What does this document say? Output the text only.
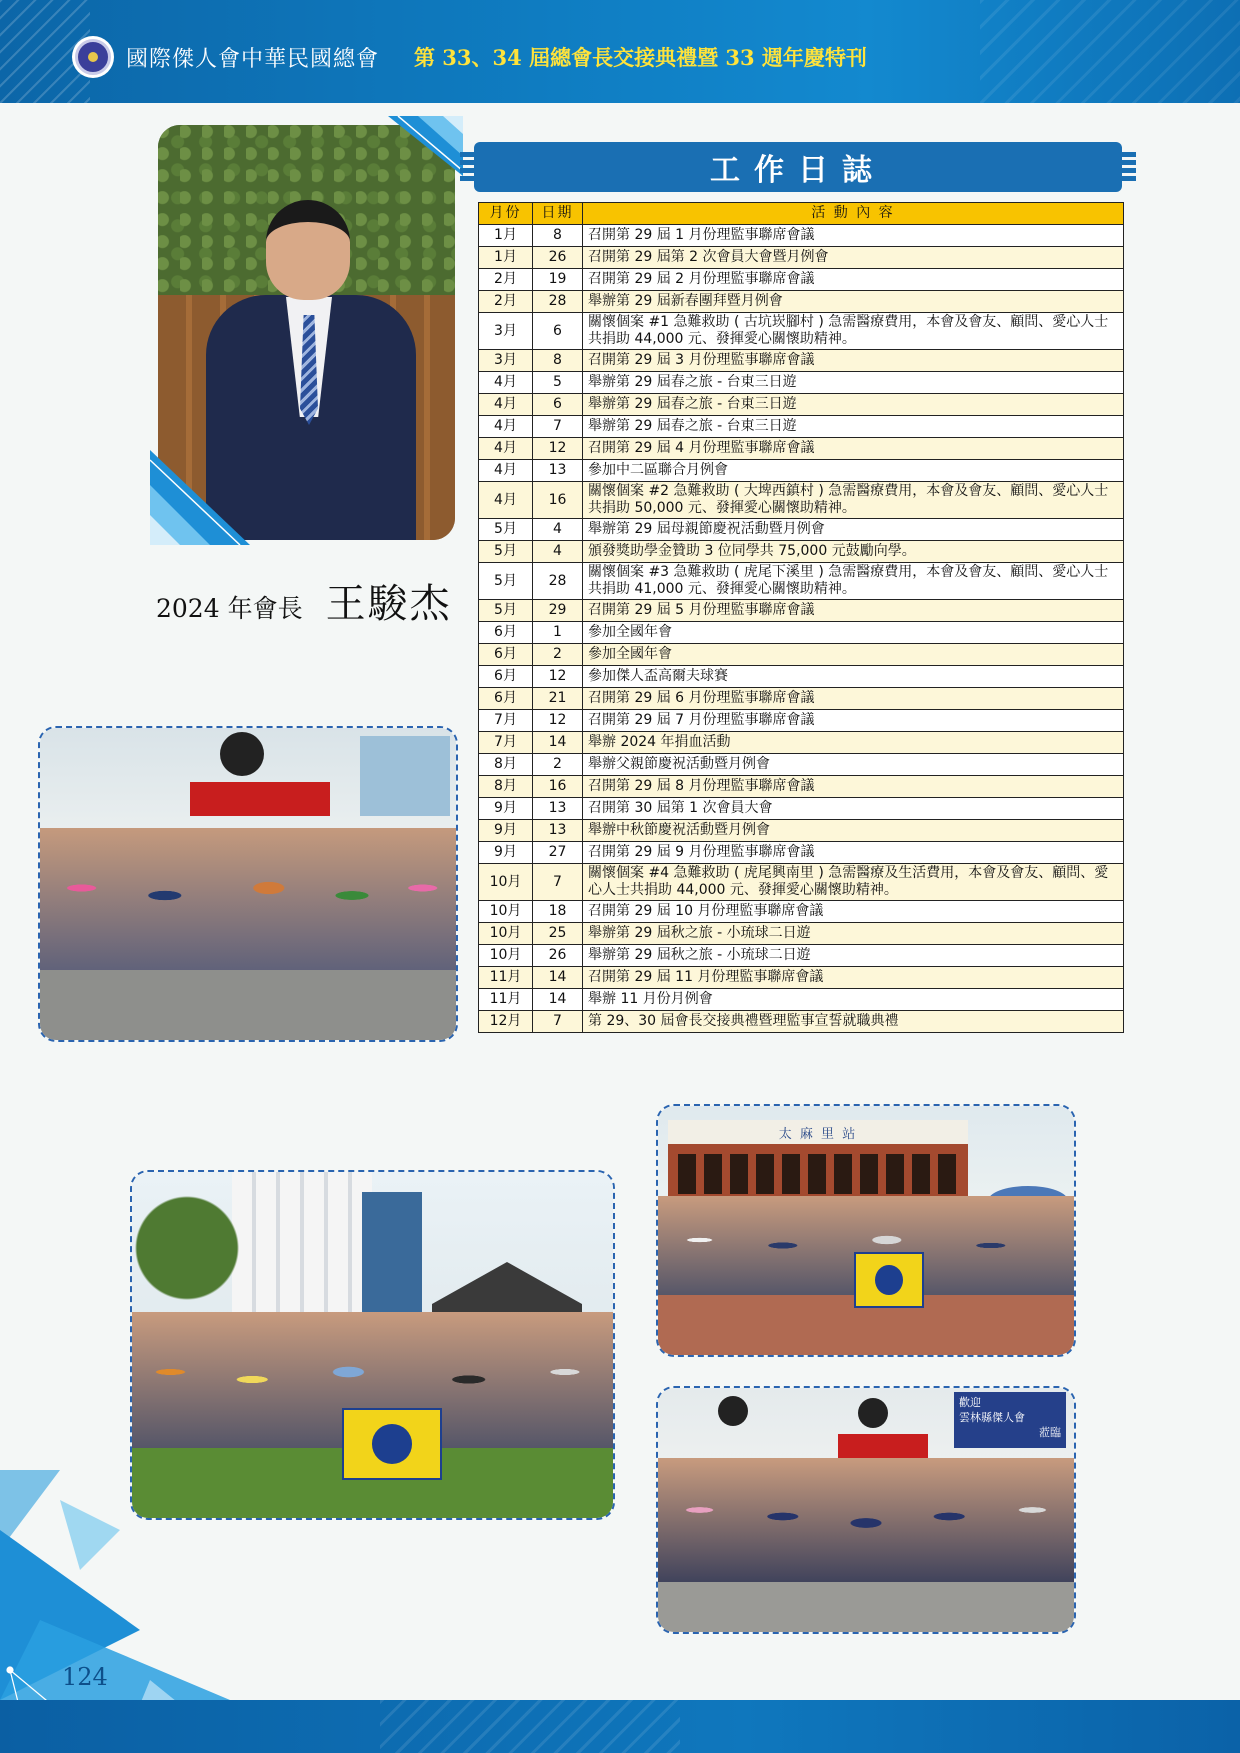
國際傑人會中華民國總會 第 33、34 屆總會長交接典禮暨 33 週年慶特刊
2024 年會長 王駿杰
工作日誌
月份	日期	活 動 內 容
1月	8	召開第 29 屆 1 月份理監事聯席會議
1月	26	召開第 29 屆第 2 次會員大會暨月例會
2月	19	召開第 29 屆 2 月份理監事聯席會議
2月	28	舉辦第 29 屆新春團拜暨月例會
3月	6	關懷個案 #1 急難救助 ( 古坑崁腳村 ) 急需醫療費用，本會及會友、顧問、愛心人士共捐助 44,000 元、發揮愛心關懷助精神。
3月	8	召開第 29 屆 3 月份理監事聯席會議
4月	5	舉辦第 29 屆春之旅 - 台東三日遊
4月	6	舉辦第 29 屆春之旅 - 台東三日遊
4月	7	舉辦第 29 屆春之旅 - 台東三日遊
4月	12	召開第 29 屆 4 月份理監事聯席會議
4月	13	參加中二區聯合月例會
4月	16	關懷個案 #2 急難救助 ( 大埤西鎮村 ) 急需醫療費用，本會及會友、顧問、愛心人士共捐助 50,000 元、發揮愛心關懷助精神。
5月	4	舉辦第 29 屆母親節慶祝活動暨月例會
5月	4	頒發獎助學金贊助 3 位同學共 75,000 元鼓勵向學。
5月	28	關懷個案 #3 急難救助 ( 虎尾下溪里 ) 急需醫療費用，本會及會友、顧問、愛心人士共捐助 41,000 元、發揮愛心關懷助精神。
5月	29	召開第 29 屆 5 月份理監事聯席會議
6月	1	參加全國年會
6月	2	參加全國年會
6月	12	參加傑人盃高爾夫球賽
6月	21	召開第 29 屆 6 月份理監事聯席會議
7月	12	召開第 29 屆 7 月份理監事聯席會議
7月	14	舉辦 2024 年捐血活動
8月	2	舉辦父親節慶祝活動暨月例會
8月	16	召開第 29 屆 8 月份理監事聯席會議
9月	13	召開第 30 屆第 1 次會員大會
9月	13	舉辦中秋節慶祝活動暨月例會
9月	27	召開第 29 屆 9 月份理監事聯席會議
10月	7	關懷個案 #4 急難救助 ( 虎尾興南里 ) 急需醫療及生活費用，本會及會友、顧問、愛心人士共捐助 44,000 元、發揮愛心關懷助精神。
10月	18	召開第 29 屆 10 月份理監事聯席會議
10月	25	舉辦第 29 屆秋之旅 - 小琉球二日遊
10月	26	舉辦第 29 屆秋之旅 - 小琉球二日遊
11月	14	召開第 29 屆 11 月份理監事聯席會議
11月	14	舉辦 11 月份月例會
12月	7	第 29、30 屆會長交接典禮暨理監事宣誓就職典禮
太 麻 里 站
歡迎
雲林縣傑人會
蒞臨
124
